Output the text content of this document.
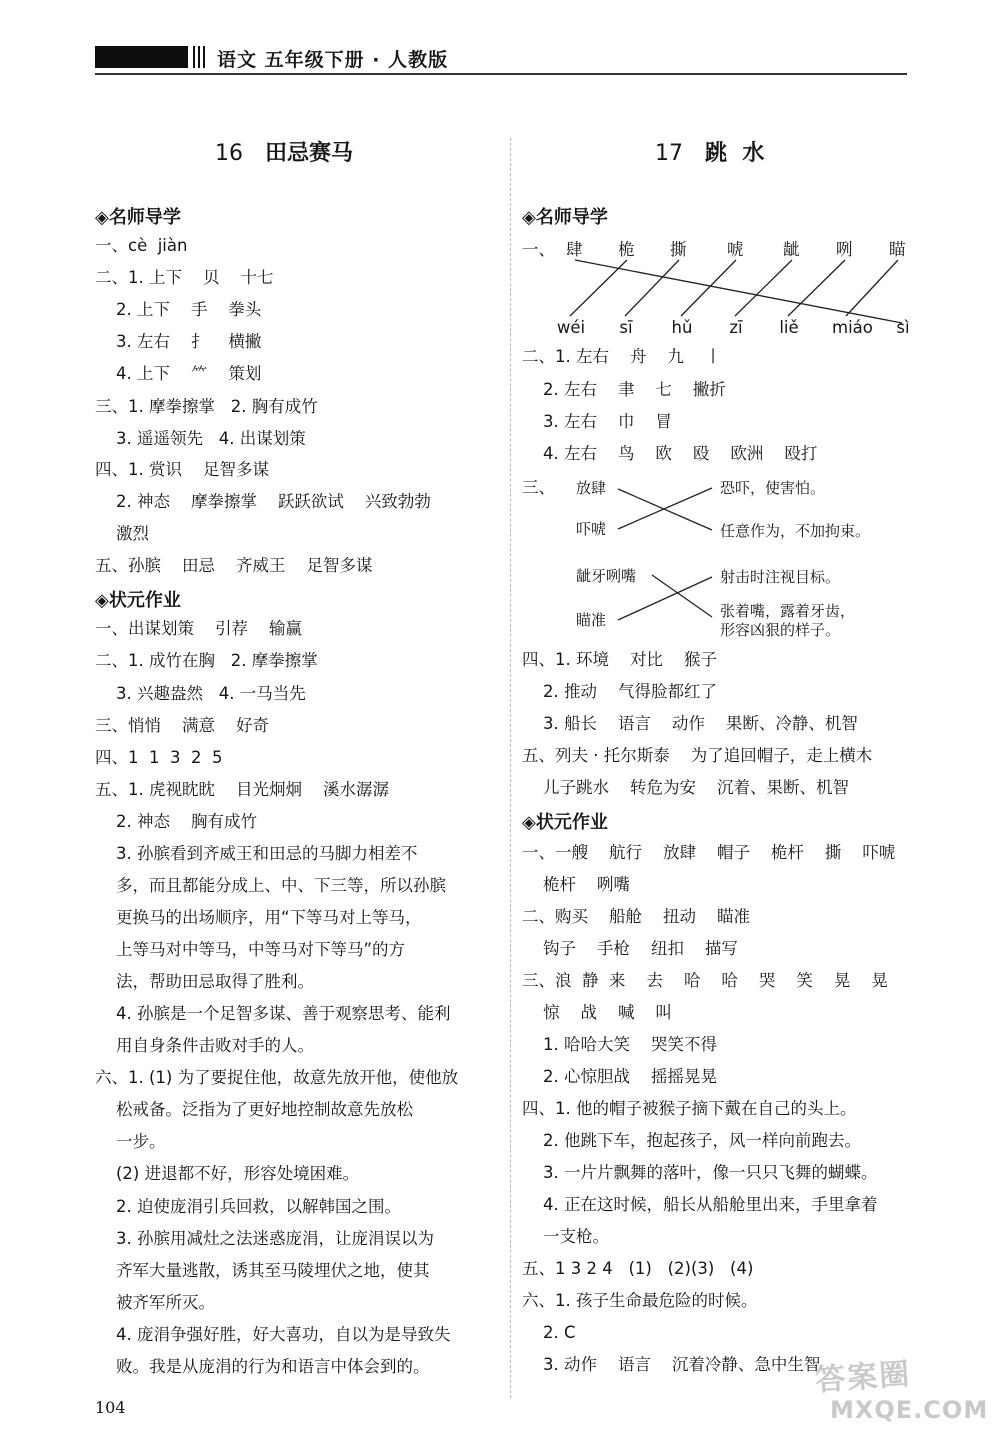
语文 五年级下册 · 人教版
16 田忌赛马	17 跳  水
◈名师导学
◈状元作业
◈名师导学
◈状元作业
104
答案圈
MXQE.COM
一、cè  jiàn
二、1. 上下    贝    十七
2. 上下    手    拳头
3. 左右    扌    横撇
4. 上下    ⺮    策划
三、1. 摩拳擦掌   2. 胸有成竹
3. 遥遥领先   4. 出谋划策
四、1. 赏识    足智多谋
2. 神态    摩拳擦掌    跃跃欲试    兴致勃勃
激烈
五、孙膑    田忌    齐威王    足智多谋
一、出谋划策    引荐    输赢
二、1. 成竹在胸   2. 摩拳擦掌
3. 兴趣盎然   4. 一马当先
三、悄悄    满意    好奇
四、1  1  3  2  5
五、1. 虎视眈眈    目光炯炯    溪水潺潺
2. 神态    胸有成竹
3. 孙膑看到齐威王和田忌的马脚力相差不
多，而且都能分成上、中、下三等，所以孙膑
更换马的出场顺序，用“下等马对上等马，
上等马对中等马，中等马对下等马”的方
法，帮助田忌取得了胜利。
4. 孙膑是一个足智多谋、善于观察思考、能利
用自身条件击败对手的人。
六、1. (1) 为了要捉住他，故意先放开他，使他放
松戒备。泛指为了更好地控制故意先放松
一步。
(2) 进退都不好，形容处境困难。
2. 迫使庞涓引兵回救，以解韩国之围。
3. 孙膑用减灶之法迷惑庞涓，让庞涓误以为
齐军大量逃散，诱其至马陵埋伏之地，使其
被齐军所灭。
4. 庞涓争强好胜，好大喜功，自以为是导致失
败。我是从庞涓的行为和语言中体会到的。
二、1. 左右    舟    九    丨
2. 左右    聿    七    撇折
3. 左右    巾    冒
4. 左右    鸟    欧    殴    欧洲    殴打
四、1. 环境    对比    猴子
2. 推动    气得脸都红了
3. 船长    语言    动作    果断、冷静、机智
五、列夫 · 托尔斯泰    为了追回帽子，走上横木
儿子跳水    转危为安    沉着、果断、机智
一、一艘    航行    放肆    帽子    桅杆    撕    吓唬
桅杆    咧嘴
二、购买    船舱    扭动    瞄准
钩子    手枪    纽扣    描写
三、浪  静  来    去    哈    哈    哭    笑    晃    晃
惊    战    喊    叫
1. 哈哈大笑    哭笑不得
2. 心惊胆战    摇摇晃晃
四、1. 他的帽子被猴子摘下戴在自己的头上。
2. 他跳下车，抱起孩子，风一样向前跑去。
3. 一片片飘舞的落叶，像一只只飞舞的蝴蝶。
4. 正在这时候，船长从船舱里出来，手里拿着
一支枪。
五、1 3 2 4   (1)   (2)(3)   (4)
六、1. 孩子生命最危险的时候。
2. C
3. 动作    语言    沉着冷静、急中生智
一、 肆 桅 撕 唬 龇 咧 瞄
wéi	sī	hǔ	zī	liě	miáo	sì
三、 放肆
吓唬
龇牙咧嘴
瞄准
恐吓，使害怕。
任意作为，不加拘束。
射击时注视目标。
张着嘴，露着牙齿，
形容凶狠的样子。
